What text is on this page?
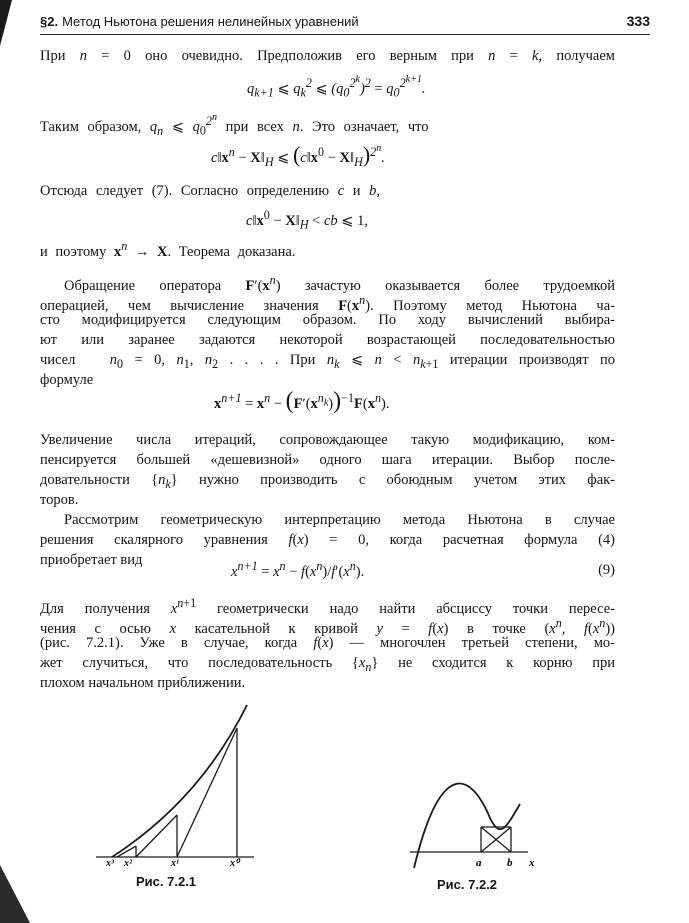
§2. Метод Ньютона решения нелинейных уравнений	333
При n = 0 оно очевидно. Предположив его верным при n = k, получаем
$q_{k+1}$ ⩽ $q_k^2$ ⩽ $(q_0^{2^k})^2 = q_0^{2^{k+1}}$.
Таким образом, $q_n$ ⩽ $q_0^{2^n}$ при всех n. Это означает, что
$c‖x^n$ − $X‖_H$ ⩽ ($c‖x^0$ − $X‖_H)^{2^n}$.
Отсюда следует (7). Согласно определению c и b,
$c‖x^0$ − $X‖_H$ < cb ⩽ 1,
и поэтому $x^n \to X$. Теорема доказана.
Обращение оператора $F'(x^n)$ зачастую оказывается более трудоемкой
операцией, чем вычисление значения $F(x^n)$. Поэтому метод Ньютона ча-
сто модифицируется следующим образом. По ходу вычислений выбира-
ют или заранее задаются некоторой возрастающей последовательностью
чисел   $n_0 = 0$, $n_1$, $n_2$ . . . . При $n_k$ ⩽ $n < n_{k+1}$ итерации производят по
формуле
$x^{n+1} = x^n - (F'(x^{n_k}))^{-1}F(x^n)$.
Увеличение числа итераций, сопровождающее такую модификацию, ком-
пенсируется большей «дешевизной» одного шага итерации. Выбор после-
довательности $\{n_k\}$ нужно производить с обоюдным учетом этих фак-
торов.
Рассмотрим геометрическую интерпретацию метода Ньютона в случае
решения скалярного уравнения f(x) = 0, когда расчетная формула (4)
приобретает вид
$x^{n+1} = x^n - f(x^n)/f'(x^n)$.	(9)
Для получения $x^{n+1}$ геометрически надо найти абсциссу точки пересе-
чения с осью x касательной к кривой y = f(x) в точке ($x^n$, $f(x^n)$)
(рис. 7.2.1). Уже в случае, когда f(x) — многочлен третьей степени, мо-
жет случиться, что последовательность $\{x_n\}$ не сходится к корню при
плохом начальном приближении.
x³ x²	x¹	x⁰	a b x
Рис. 7.2.1	Рис. 7.2.2
